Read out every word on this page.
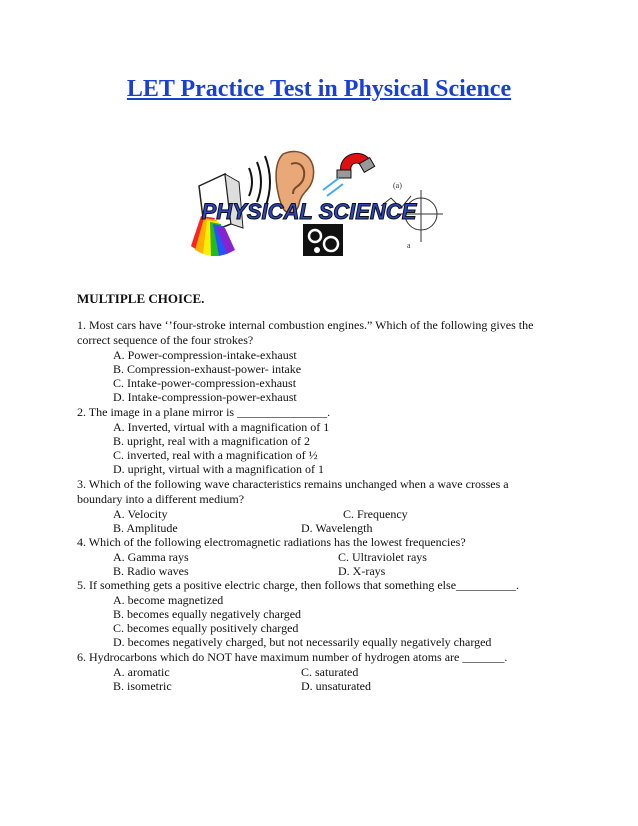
LET Practice Test in Physical Science
(a)
a
PHYSICAL SCIENCE
MULTIPLE CHOICE.
1. Most cars have ‘’four-stroke internal combustion engines.” Which of the following gives the
correct sequence of the four strokes?
A. Power-compression-intake-exhaust
B. Compression-exhaust-power- intake
C. Intake-power-compression-exhaust
D. Intake-compression-power-exhaust
2. The image in a plane mirror is _______________.
A. Inverted, virtual with a magnification of 1
B. upright, real with a magnification of 2
C. inverted, real with a magnification of ½
D. upright, virtual with a magnification of 1
3. Which of the following wave characteristics remains unchanged when a wave crosses a
boundary into a different medium?
A. Velocity	C. Frequency
B. Amplitude	D. Wavelength
4. Which of the following electromagnetic radiations has the lowest frequencies?
A. Gamma rays	C. Ultraviolet rays
B. Radio waves	D. X-rays
5. If something gets a positive electric charge, then follows that something else__________.
A. become magnetized
B. becomes equally negatively charged
C. becomes equally positively charged
D. becomes negatively charged, but not necessarily equally negatively charged
6. Hydrocarbons which do NOT have maximum number of hydrogen atoms are _______.
A. aromatic	C. saturated
B. isometric	D. unsaturated
